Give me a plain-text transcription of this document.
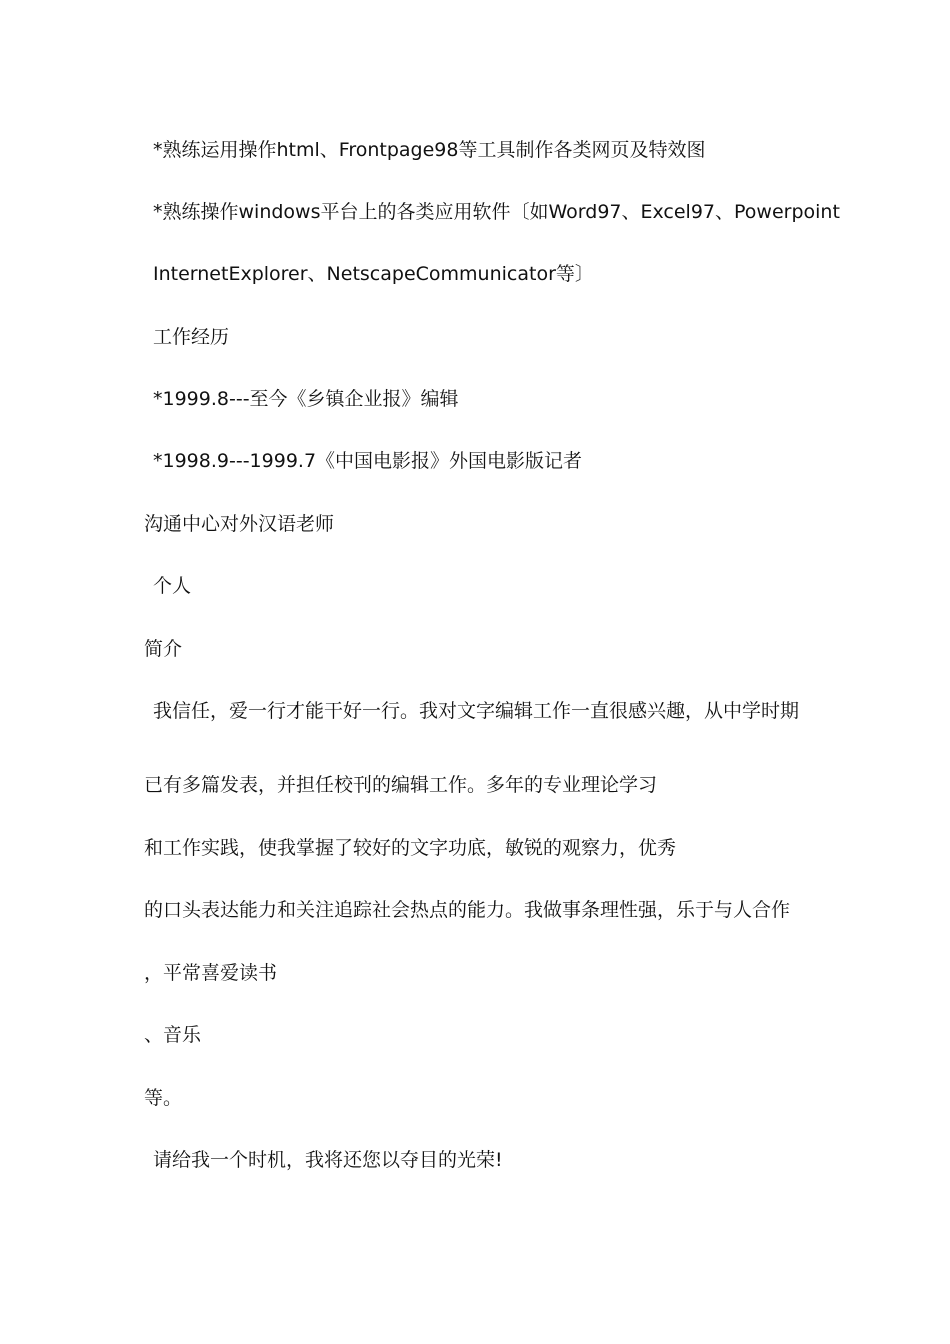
*熟练运用操作html、Frontpage98等工具制作各类网页及特效图
*熟练操作windows平台上的各类应用软件〔如Word97、Excel97、Powerpoint
InternetExplorer、NetscapeCommunicator等〕
工作经历
*1999.8---至今《乡镇企业报》编辑
*1998.9---1999.7《中国电影报》外国电影版记者
沟通中心对外汉语老师
个人
简介
我信任，爱一行才能干好一行。我对文字编辑工作一直很感兴趣，从中学时期
已有多篇发表，并担任校刊的编辑工作。多年的专业理论学习
和工作实践，使我掌握了较好的文字功底，敏锐的观察力，优秀
的口头表达能力和关注追踪社会热点的能力。我做事条理性强，乐于与人合作
，平常喜爱读书
、音乐
等。
请给我一个时机，我将还您以夺目的光荣!
